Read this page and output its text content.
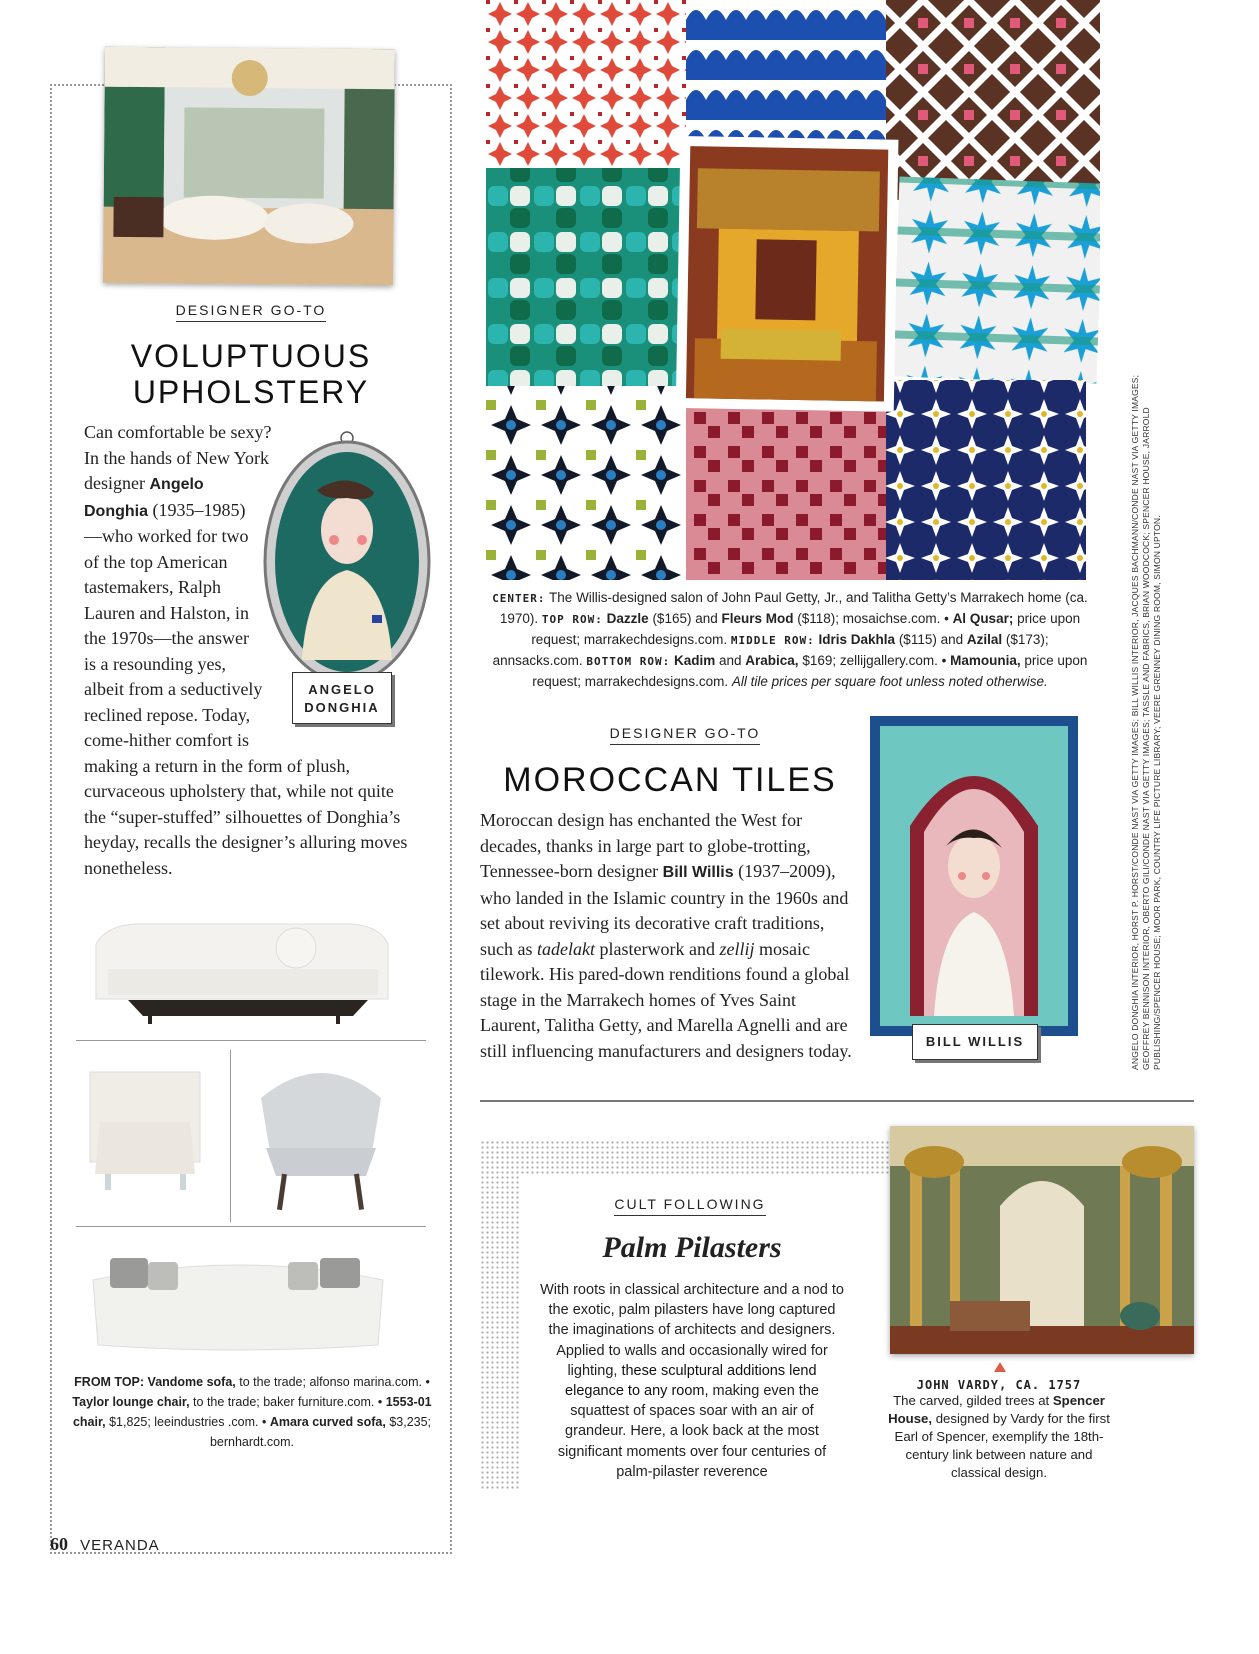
DESIGNER GO-TO
VOLUPTUOUS
UPHOLSTERY
ANGELO
DONGHIA
Can comfortable be sexy? In the hands of New York designer Angelo Donghia (1935–1985)—who worked for two of the top American tastemakers, Ralph Lauren and Halston, in the 1970s—the answer is a resounding yes, albeit from a seductively reclined repose. Today, come-hither comfort is making a return in the form of plush, curvaceous upholstery that, while not quite the “super-stuffed” silhouettes of Donghia’s heyday, recalls the designer’s alluring moves nonetheless.
FROM TOP: Vandome sofa, to the trade; alfonso marina.com. • Taylor lounge chair, to the trade; baker furniture.com. • 1553-01 chair, $1,825; leeindustries .com. • Amara curved sofa, $3,235; bernhardt.com.
CENTER: The Willis-designed salon of John Paul Getty, Jr., and Talitha Getty’s Marrakech home (ca. 1970). TOP ROW: Dazzle ($165) and Fleurs Mod ($118); mosaichse.com. • Al Qusar; price upon request; marrakechdesigns.com. MIDDLE ROW: Idris Dakhla ($115) and Azilal ($173); annsacks.com. BOTTOM ROW: Kadim and Arabica, $169; zellijgallery.com. • Mamounia, price upon request; marrakechdesigns.com. All tile prices per square foot unless noted otherwise.
DESIGNER GO-TO
MOROCCAN TILES
Moroccan design has enchanted the West for decades, thanks in large part to globe-trotting, Tennessee-born designer Bill Willis (1937–2009), who landed in the Islamic country in the 1960s and set about reviving its decorative craft traditions, such as tadelakt plasterwork and zellij mosaic tilework. His pared-down renditions found a global stage in the Marrakech homes of Yves Saint Laurent, Talitha Getty, and Marella Agnelli and are still influencing manufacturers and designers today.	BILL WILLIS
CULT FOLLOWING
Palm Pilasters
With roots in classical architecture and a nod to the exotic, palm pilasters have long captured the imaginations of architects and designers. Applied to walls and occasionally wired for lighting, these sculptural additions lend elegance to any room, making even the squattest of spaces soar with an air of grandeur. Here, a look back at the most significant moments over four centuries of palm-pilaster reverence
JOHN VARDY, CA. 1757
The carved, gilded trees at Spencer House, designed by Vardy for the first Earl of Spencer, exemplify the 18th-century link between nature and classical design.
ANGELO DONGHIA INTERIOR, HORST P. HORST/CONDE NAST VIA GETTY IMAGES; BILL WILLIS INTERIOR, JACQUES BACHMANN/CONDE NAST VIA GETTY IMAGES; GEOFFREY BENNISON INTERIOR, OBERTO GILI/CONDE NAST VIA GETTY IMAGES; TASSLE AND FABRICS, BRIAN WOODCOCK; SPENCER HOUSE, JARROLD PUBLISHING/SPENCER HOUSE; MOOR PARK, COUNTRY LIFE PICTURE LIBRARY; VEERE GRENNEY DINING ROOM, SIMON UPTON.
60 VERANDA
